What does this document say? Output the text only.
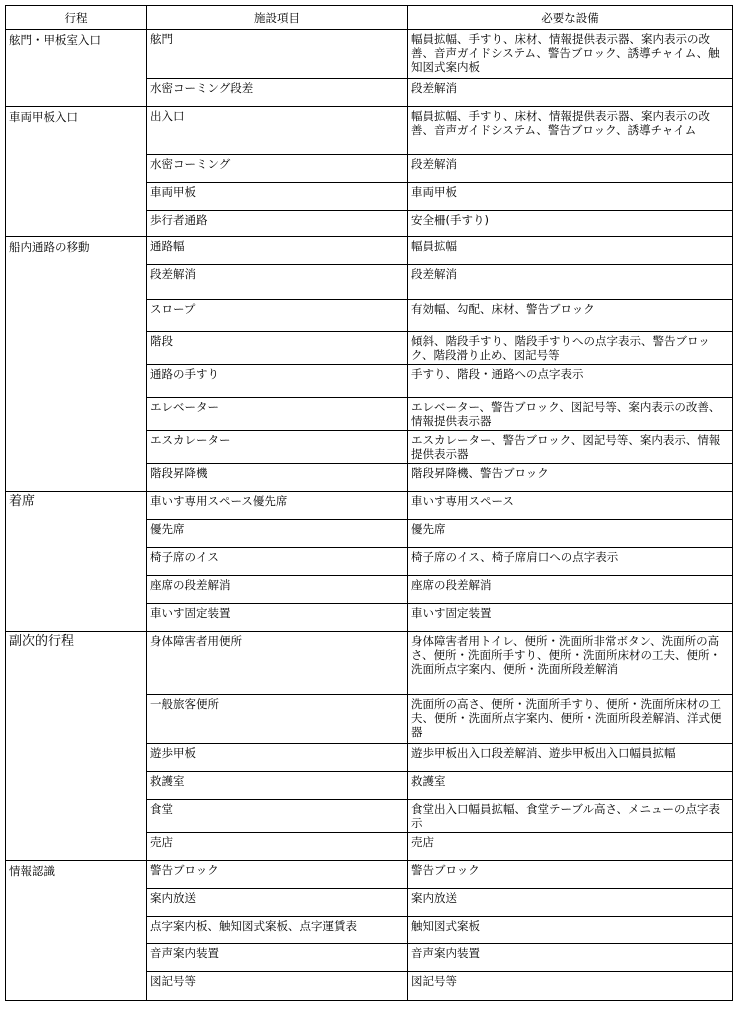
行程	施設項目	必要な設備
舷門・甲板室入口	舷門	幅員拡幅、手すり、床材、情報提供表示器、案内表示の改善、音声ガイドシステム、警告ブロック、誘導チャイム、触知図式案内板
	水密コーミング段差	段差解消
車両甲板入口	出入口	幅員拡幅、手すり、床材、情報提供表示器、案内表示の改善、音声ガイドシステム、警告ブロック、誘導チャイム
	水密コーミング	段差解消
	車両甲板	車両甲板
	歩行者通路	安全柵(手すり)
船内通路の移動	通路幅	幅員拡幅
	段差解消	段差解消
	スロープ	有効幅、勾配、床材、警告ブロック
	階段	傾斜、階段手すり、階段手すりへの点字表示、警告ブロック、階段滑り止め、図記号等
	通路の手すり	手すり、階段・通路への点字表示
	エレベーター	エレベーター、警告ブロック、図記号等、案内表示の改善、情報提供表示器
	エスカレーター	エスカレーター、警告ブロック、図記号等、案内表示、情報提供表示器
	階段昇降機	階段昇降機、警告ブロック
着席	車いす専用スペース優先席	車いす専用スペース
	優先席	優先席
	椅子席のイス	椅子席のイス、椅子席肩口への点字表示
	座席の段差解消	座席の段差解消
	車いす固定装置	車いす固定装置
副次的行程	身体障害者用便所	身体障害者用トイレ、便所・洗面所非常ボタン、洗面所の高さ、便所・洗面所手すり、便所・洗面所床材の工夫、便所・洗面所点字案内、便所・洗面所段差解消
	一般旅客便所	洗面所の高さ、便所・洗面所手すり、便所・洗面所床材の工夫、便所・洗面所点字案内、便所・洗面所段差解消、洋式便器
	遊歩甲板	遊歩甲板出入口段差解消、遊歩甲板出入口幅員拡幅
	救護室	救護室
	食堂	食堂出入口幅員拡幅、食堂テーブル高さ、メニューの点字表示
	売店	売店
情報認識	警告ブロック	警告ブロック
	案内放送	案内放送
	点字案内板、触知図式案板、点字運賃表	触知図式案板
	音声案内装置	音声案内装置
	図記号等	図記号等
